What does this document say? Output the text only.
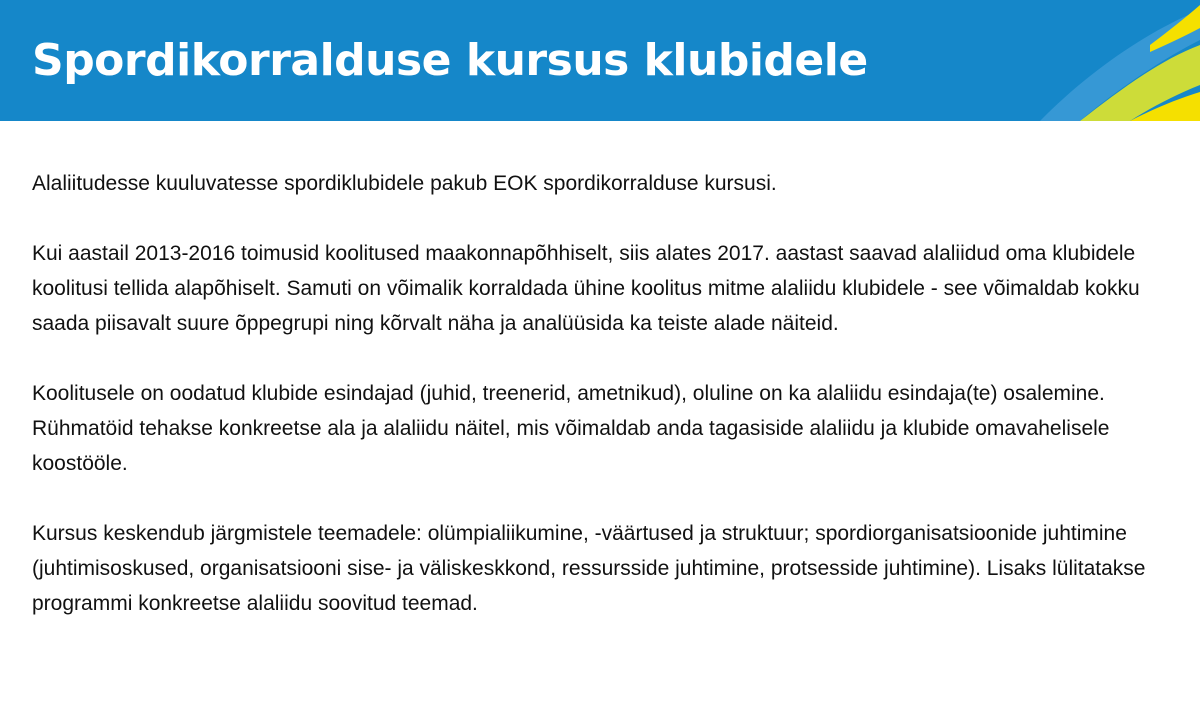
Spordikorralduse kursus klubidele

Alaliitudesse kuuluvatesse spordiklubidele pakub EOK spordikorralduse kursusi.

Kui aastail 2013-2016 toimusid koolitused maakonnapõhhiselt, siis alates 2017. aastast saavad alaliidud oma klubidele koolitusi tellida alapõhiselt. Samuti on võimalik korraldada ühine koolitus mitme alaliidu klubidele - see võimaldab kokku saada piisavalt suure õppegrupi ning kõrvalt näha ja analüüsida ka teiste alade näiteid.

Koolitusele on oodatud klubide esindajad (juhid, treenerid, ametnikud), oluline on ka alaliidu esindaja(te) osalemine. Rühmatöid tehakse konkreetse ala ja alaliidu näitel, mis võimaldab anda tagasiside alaliidu ja klubide omavahelisele koostööle.

Kursus keskendub järgmistele teemadele: olümpialiikumine, -väärtused ja struktuur; spordiorganisatsioonide juhtimine (juhtimisoskused, organisatsiooni sise- ja väliskeskkond, ressursside juhtimine, protsesside juhtimine). Lisaks lülitatakse programmi konkreetse alaliidu soovitud teemad.
